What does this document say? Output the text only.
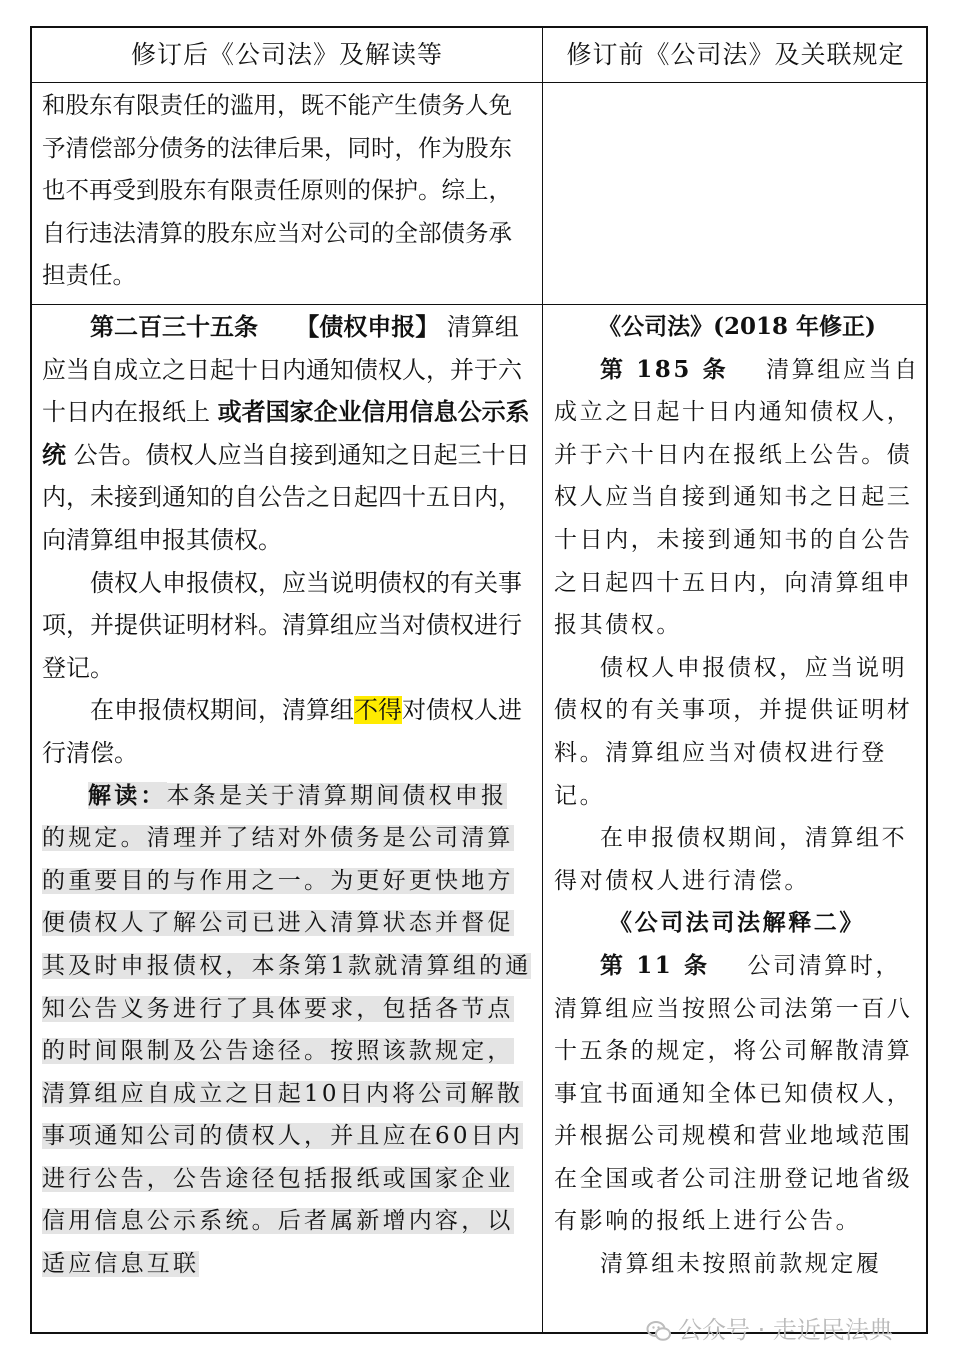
修订后《公司法》及解读等	修订前《公司法》及关联规定

和股东有限责任的滥用，既不能产生债务人免予清偿部分债务的法律后果，同时，作为股东也不再受到股东有限责任原则的保护。综上，自行违法清算的股东应当对公司的全部债务承担责任。

第二百三十五条 【债权申报】 清算组应当自成立之日起十日内通知债权人，并于六十日内在报纸上 或者国家企业信用信息公示系统 公告。债权人应当自接到通知之日起三十日内，未接到通知的自公告之日起四十五日内，向清算组申报其债权。

债权人申报债权，应当说明债权的有关事项，并提供证明材料。清算组应当对债权进行登记。

在申报债权期间，清算组不得对债权人进行清偿。

解读：本条是关于清算期间债权申报的规定。清理并了结对外债务是公司清算的重要目的与作用之一。为更好更快地方便债权人了解公司已进入清算状态并督促其及时申报债权，本条第1款就清算组的通知公告义务进行了具体要求，包括各节点的时间限制及公告途径。按照该款规定，清算组应自成立之日起10日内将公司解散事项通知公司的债权人，并且应在60日内进行公告，公告途径包括报纸或国家企业信用信息公示系统。后者属新增内容，以适应信息互联

《公司法》(2018 年修正)

第 185 条 清算组应当自成立之日起十日内通知债权人，并于六十日内在报纸上公告。债权人应当自接到通知书之日起三十日内，未接到通知书的自公告之日起四十五日内，向清算组申报其债权。

债权人申报债权，应当说明债权的有关事项，并提供证明材料。清算组应当对债权进行登记。

在申报债权期间，清算组不得对债权人进行清偿。

《公司法司法解释二》

第 11 条 公司清算时，清算组应当按照公司法第一百八十五条的规定，将公司解散清算事宜书面通知全体已知债权人，并根据公司规模和营业地域范围在全国或者公司注册登记地省级有影响的报纸上进行公告。

清算组未按照前款规定履

公众号 · 走近民法典
